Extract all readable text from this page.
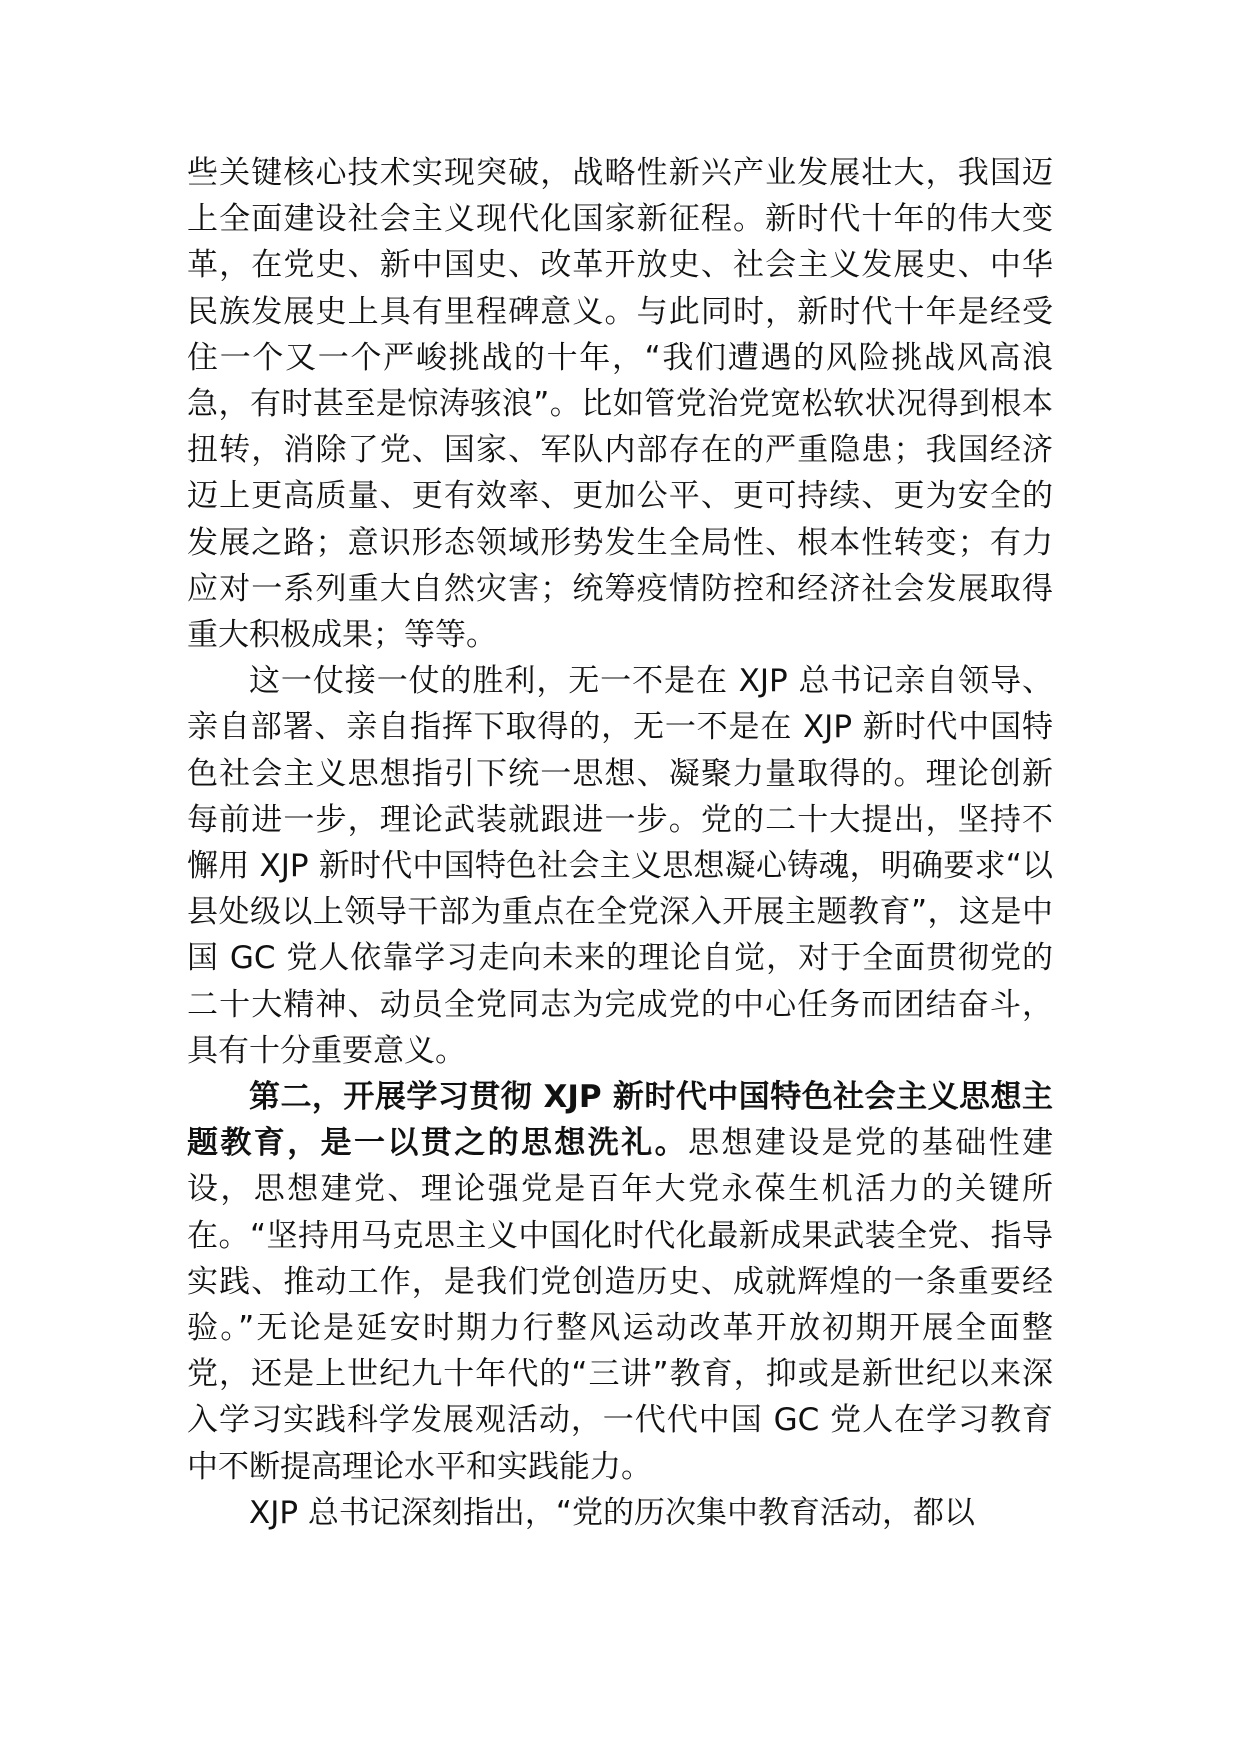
些关键核心技术实现突破，战略性新兴产业发展壮大，我国迈上全面建设社会主义现代化国家新征程。新时代十年的伟大变革，在党史、新中国史、改革开放史、社会主义发展史、中华民族发展史上具有里程碑意义。与此同时，新时代十年是经受住一个又一个严峻挑战的十年，“我们遭遇的风险挑战风高浪急，有时甚至是惊涛骇浪”。比如管党治党宽松软状况得到根本扭转，消除了党、国家、军队内部存在的严重隐患；我国经济迈上更高质量、更有效率、更加公平、更可持续、更为安全的发展之路；意识形态领域形势发生全局性、根本性转变；有力应对一系列重大自然灾害；统筹疫情防控和经济社会发展取得重大积极成果；等等。

这一仗接一仗的胜利，无一不是在 XJP 总书记亲自领导、亲自部署、亲自指挥下取得的，无一不是在 XJP 新时代中国特色社会主义思想指引下统一思想、凝聚力量取得的。理论创新每前进一步，理论武装就跟进一步。党的二十大提出，坚持不懈用 XJP 新时代中国特色社会主义思想凝心铸魂，明确要求“以县处级以上领导干部为重点在全党深入开展主题教育”，这是中国 GC 党人依靠学习走向未来的理论自觉，对于全面贯彻党的二十大精神、动员全党同志为完成党的中心任务而团结奋斗，具有十分重要意义。

第二，开展学习贯彻 XJP 新时代中国特色社会主义思想主题教育，是一以贯之的思想洗礼。思想建设是党的基础性建设，思想建党、理论强党是百年大党永葆生机活力的关键所在。“坚持用马克思主义中国化时代化最新成果武装全党、指导实践、推动工作，是我们党创造历史、成就辉煌的一条重要经验。”无论是延安时期力行整风运动改革开放初期开展全面整党，还是上世纪九十年代的“三讲”教育，抑或是新世纪以来深入学习实践科学发展观活动，一代代中国 GC 党人在学习教育中不断提高理论水平和实践能力。

XJP 总书记深刻指出，“党的历次集中教育活动，都以
